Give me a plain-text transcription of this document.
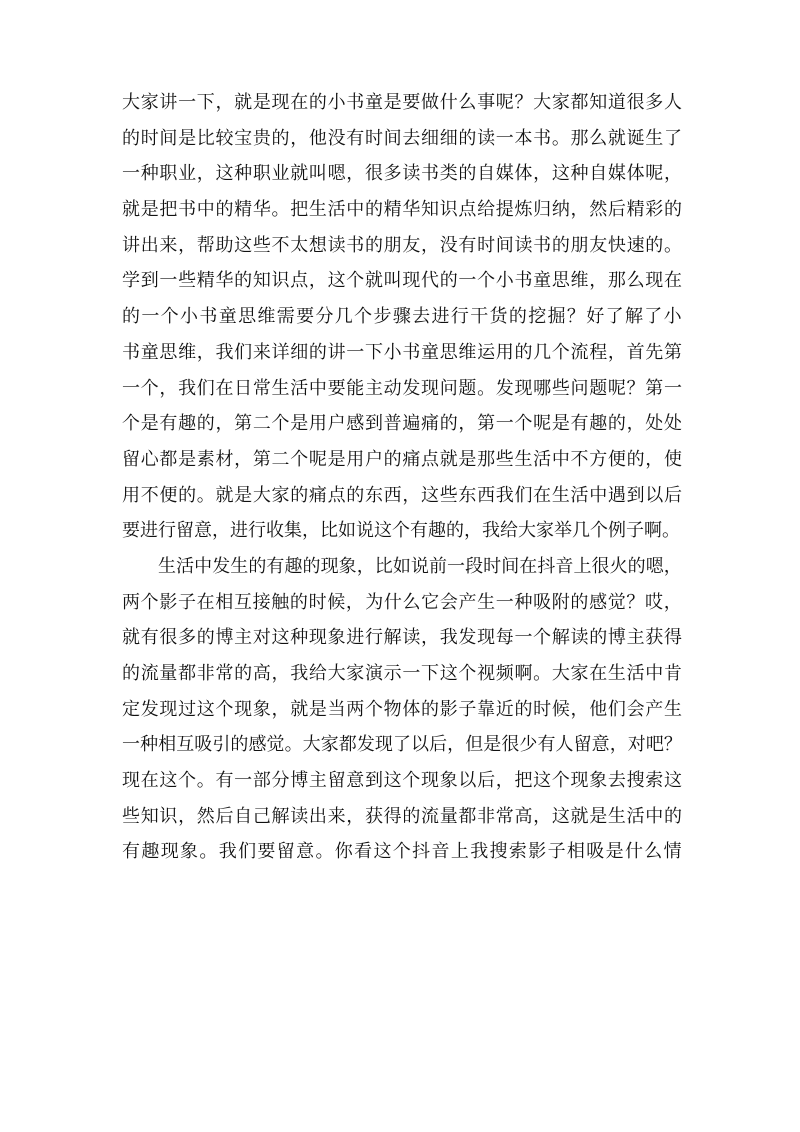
大 家 讲 一 下 ， 就 是 现 在 的 小 书 童 是 要 做 什 么 事 呢 ？ 大 家 都 知 道 很 多 人
的 时 间 是 比 较 宝 贵 的 ， 他 没 有 时 间 去 细 细 的 读 一 本 书 。 那 么 就 诞 生 了
一 种 职 业 ， 这 种 职 业 就 叫 嗯 ， 很 多 读 书 类 的 自 媒 体 ， 这 种 自 媒 体 呢 ，
就 是 把 书 中 的 精 华 。 把 生 活 中 的 精 华 知 识 点 给 提 炼 归 纳 ， 然 后 精 彩 的
讲 出 来 ， 帮 助 这 些 不 太 想 读 书 的 朋 友 ， 没 有 时 间 读 书 的 朋 友 快 速 的 。
学 到 一 些 精 华 的 知 识 点 ， 这 个 就 叫 现 代 的 一 个 小 书 童 思 维 ， 那 么 现 在
的 一 个 小 书 童 思 维 需 要 分 几 个 步 骤 去 进 行 干 货 的 挖 掘 ？ 好 了 解 了 小
书 童 思 维 ， 我 们 来 详 细 的 讲 一 下 小 书 童 思 维 运 用 的 几 个 流 程 ， 首 先 第
一 个 ， 我 们 在 日 常 生 活 中 要 能 主 动 发 现 问 题 。 发 现 哪 些 问 题 呢 ？ 第 一
个 是 有 趣 的 ， 第 二 个 是 用 户 感 到 普 遍 痛 的 ， 第 一 个 呢 是 有 趣 的 ， 处 处
留 心 都 是 素 材 ， 第 二 个 呢 是 用 户 的 痛 点 就 是 那 些 生 活 中 不 方 便 的 ， 使
用 不 便 的 。 就 是 大 家 的 痛 点 的 东 西 ， 这 些 东 西 我 们 在 生 活 中 遇 到 以 后
要进行留意，进行收集，比如说这个有趣的，我给大家举几个例子啊。
生 活 中 发 生 的 有 趣 的 现 象 ， 比 如 说 前 一 段 时 间 在 抖 音 上 很 火 的 嗯 ，
两 个 影 子 在 相 互 接 触 的 时 候 ， 为 什 么 它 会 产 生 一 种 吸 附 的 感 觉 ？ 哎 ，
就 有 很 多 的 博 主 对 这 种 现 象 进 行 解 读 ， 我 发 现 每 一 个 解 读 的 博 主 获 得
的 流 量 都 非 常 的 高 ， 我 给 大 家 演 示 一 下 这 个 视 频 啊 。 大 家 在 生 活 中 肯
定 发 现 过 这 个 现 象 ， 就 是 当 两 个 物 体 的 影 子 靠 近 的 时 候 ， 他 们 会 产 生
一 种 相 互 吸 引 的 感 觉 。 大 家 都 发 现 了 以 后 ， 但 是 很 少 有 人 留 意 ， 对 吧 ？
现 在 这 个 。 有 一 部 分 博 主 留 意 到 这 个 现 象 以 后 ， 把 这 个 现 象 去 搜 索 这
些 知 识 ， 然 后 自 己 解 读 出 来 ， 获 得 的 流 量 都 非 常 高 ， 这 就 是 生 活 中 的
有 趣 现 象 。 我 们 要 留 意 。 你 看 这 个 抖 音 上 我 搜 索 影 子 相 吸 是 什 么 情
